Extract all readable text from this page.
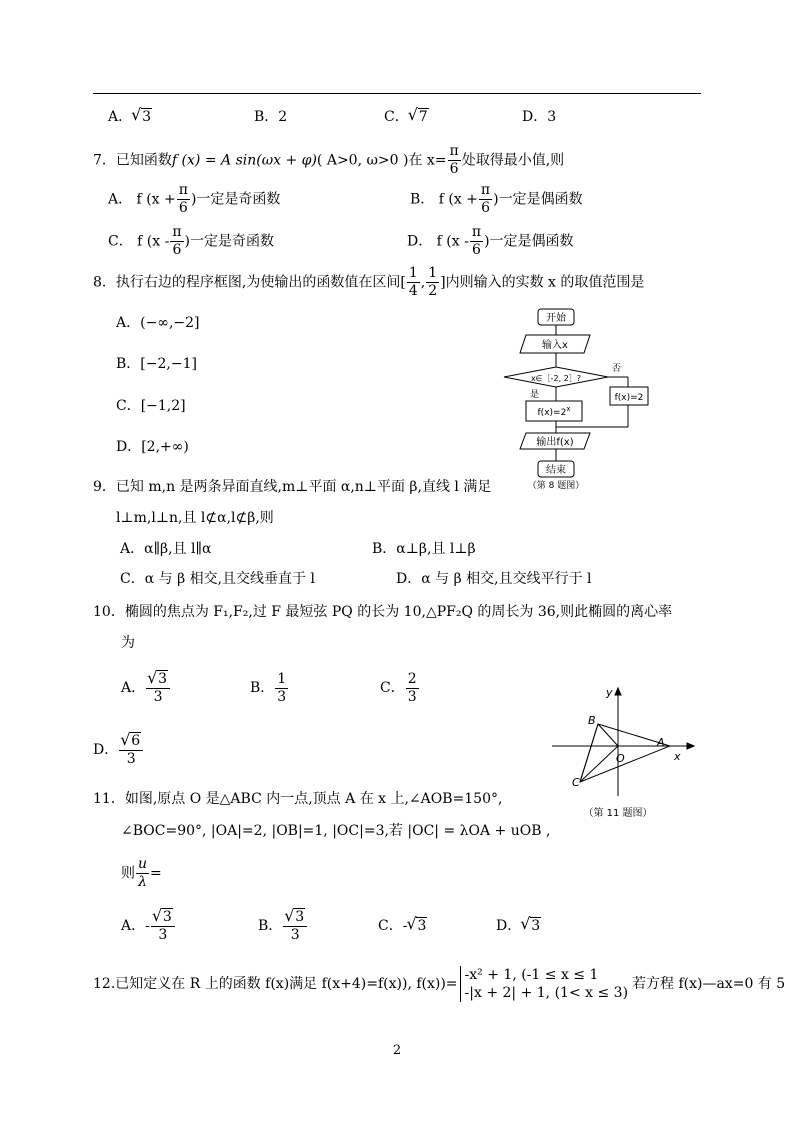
A． √ 3	B．2	C． √ 7	D．3
7．已知函数f (x) = A sin(ωx + φ)( A>0, ω>0 )在 $x= \frac{\pi}{6}$ 处取得最小值,则
A． f ($x + \frac{\pi}{6}$ )一定是奇函数	B． f ($x + \frac{\pi}{6}$ )一定是偶函数
C． f ($x - \frac{\pi}{6}$ )一定是奇函数	D． f ($x - \frac{\pi}{6}$ )一定是偶函数
8．执行右边的程序框图,为使输出的函数值在区间[ $\frac{1}{4}$ , $\frac{1}{2}$ ]内则输入的实数 x 的取值范围是
A．(−∞,−2]
B．[−2,−1]
C．[−1,2]
D．[2,+∞)
开始
输入x
x∈［-2, 2］?
否
是
$f(x)=2^x$
f(x)=2
输出f(x)
结束
（第 8 题图）
9．已知 m,n 是两条异面直线,m⊥平面 α,n⊥平面 β,直线 l 满足
l⊥m,l⊥n,且 l⊄α,l⊄β,则
A．α∥β,且 l∥α	B．α⊥β,且 l⊥β
C．α 与 β 相交,且交线垂直于 l	D．α 与 β 相交,且交线平行于 l
10．椭圆的焦点为 F₁,F₂,过 F 最短弦 PQ 的长为 10,△PF₂Q 的周长为 36,则此椭圆的离心率
为
A． √ $\frac{3}{3}$	B． $\frac{1}{3}$	C． $\frac{2}{3}$
D． √ $\frac{6}{3}$
y
x
B
O
A
C
（第 11 题图）
11．如图,原点 O 是△ABC 内一点,顶点 A 在 x 上,∠AOB=150°,
∠BOC=90°, |OA|=2, |OB|=1, |OC|=3,若 |OC| = λOA + uOB ,
则 $\frac{u}{\lambda}$ =
A．- √ $\frac{3}{3}$	B． √ $\frac{3}{3}$	C．- √ 3	D． √ 3
12.已知定义在 R 上的函数 f(x)满足 f(x+4)=f(x)), f(x))=
-x² + 1, (-1 ≤ x ≤ 1
-|x + 2| + 1, (1< x ≤ 3)
若方程 f(x)—ax=0 有 5
2
